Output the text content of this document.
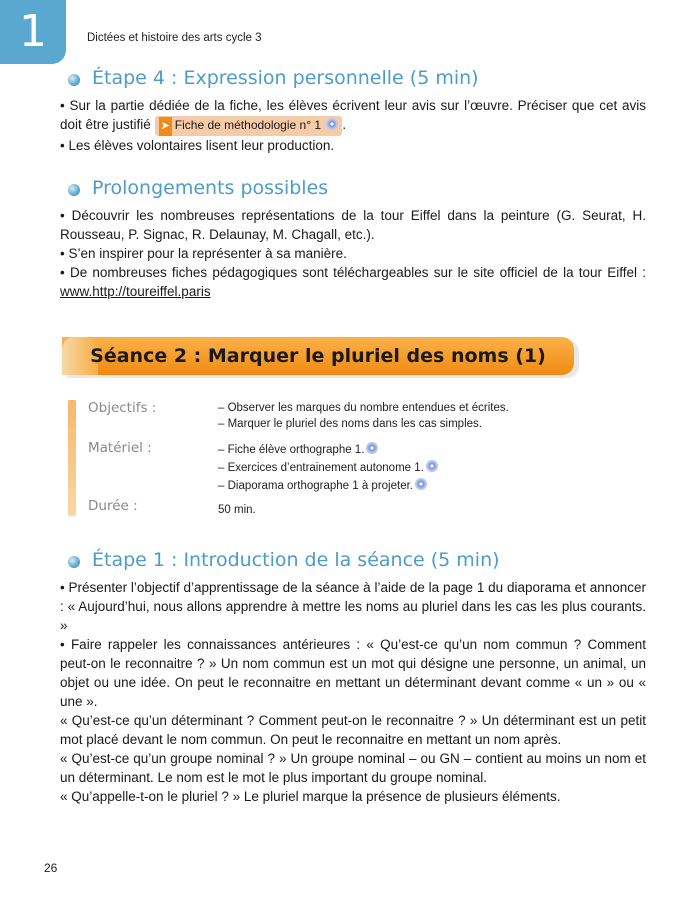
1	Dictées et histoire des arts cycle 3
Étape 4 : Expression personnelle (5 min)

• Sur la partie dédiée de la fiche, les élèves écrivent leur avis sur l’œuvre. Préciser que cet avis doit être justifié ➤ Fiche de méthodologie n° 1 .

• Les élèves volontaires lisent leur production.

Prolongements possibles

• Découvrir les nombreuses représentations de la tour Eiffel dans la peinture (G. Seurat, H. Rousseau, P. Signac, R. Delaunay, M. Chagall, etc.).

• S’en inspirer pour la représenter à sa manière.

• De nombreuses fiches pédagogiques sont téléchargeables sur le site officiel de la tour Eiffel : www.http://toureiffel.paris

Séance 2 : Marquer le pluriel des noms (1)
Objectifs :	– Observer les marques du nombre entendues et écrites.
– Marquer le pluriel des noms dans les cas simples.
Matériel :	– Fiche élève orthographe 1.
– Exercices d’entrainement autonome 1.
– Diaporama orthographe 1 à projeter.
Durée :	50 min.
Étape 1 : Introduction de la séance (5 min)

• Présenter l’objectif d’apprentissage de la séance à l’aide de la page 1 du diaporama et annoncer : « Aujourd’hui, nous allons apprendre à mettre les noms au pluriel dans les cas les plus courants. »

• Faire rappeler les connaissances antérieures : « Qu’est-ce qu’un nom commun ? Comment peut-on le reconnaitre ? » Un nom commun est un mot qui désigne une personne, un animal, un objet ou une idée. On peut le reconnaitre en mettant un déterminant devant comme « un » ou « une ».

« Qu’est-ce qu’un déterminant ? Comment peut-on le reconnaitre ? » Un déterminant est un petit mot placé devant le nom commun. On peut le reconnaitre en mettant un nom après.

« Qu’est-ce qu’un groupe nominal ? » Un groupe nominal – ou GN – contient au moins un nom et un déterminant. Le nom est le mot le plus important du groupe nominal.

« Qu’appelle-t-on le pluriel ? » Le pluriel marque la présence de plusieurs éléments.

26
